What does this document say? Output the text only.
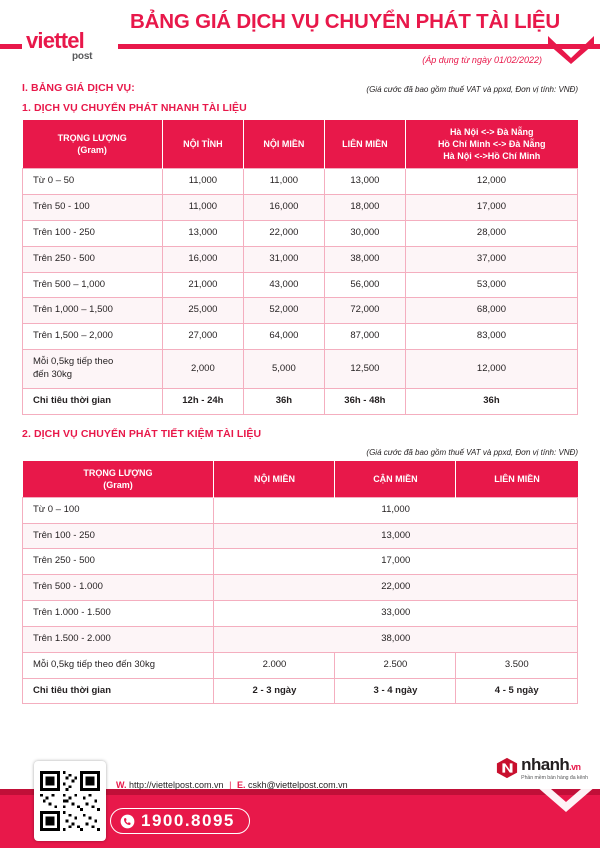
BẢNG GIÁ DỊCH VỤ CHUYỂN PHÁT TÀI LIỆU
viettel
post	(Áp dụng từ ngày 01/02/2022)
I. BẢNG GIÁ DỊCH VỤ:	(Giá cước đã bao gồm thuế VAT và ppxd, Đơn vị tính: VNĐ)
1. DỊCH VỤ CHUYỂN PHÁT NHANH TÀI LIỆU
TRỌNG LƯỢNG
(Gram)	NỘI TỈNH	NỘI MIỀN	LIÊN MIỀN	Hà Nội <-> Đà Nẵng
Hồ Chí Minh <-> Đà Nẵng
Hà Nội <->Hồ Chí Minh
Từ 0 – 50	11,000	11,000	13,000	12,000
Trên 50 - 100	11,000	16,000	18,000	17,000
Trên 100 - 250	13,000	22,000	30,000	28,000
Trên 250 - 500	16,000	31,000	38,000	37,000
Trên 500 – 1,000	21,000	43,000	56,000	53,000
Trên 1,000 – 1,500	25,000	52,000	72,000	68,000
Trên 1,500 – 2,000	27,000	64,000	87,000	83,000
Mỗi 0,5kg tiếp theo
đến 30kg	2,000	5,000	12,500	12,000
Chỉ tiêu thời gian	12h - 24h	36h	36h - 48h	36h
2. DỊCH VỤ CHUYỂN PHÁT TIẾT KIỆM TÀI LIỆU
(Giá cước đã bao gồm thuế VAT và ppxd, Đơn vị tính: VNĐ)
TRỌNG LƯỢNG
(Gram)	NỘI MIỀN	CẬN MIỀN	LIÊN MIỀN
Từ 0 – 100	11,000		
Trên 100 - 250	13,000		
Trên 250 - 500	17,000		
Trên 500 - 1.000	22,000		
Trên 1.000 - 1.500	33,000		
Trên 1.500 - 2.000	38,000		
Mỗi 0,5kg tiếp theo đến 30kg	2.000	2.500	3.500
Chỉ tiêu thời gian	2 - 3 ngày	3 - 4 ngày	4 - 5 ngày
W. http://viettelpost.com.vn | E. cskh@viettelpost.com.vn
1900.8095
nhanh.vn
Phần mềm bán hàng đa kênh
